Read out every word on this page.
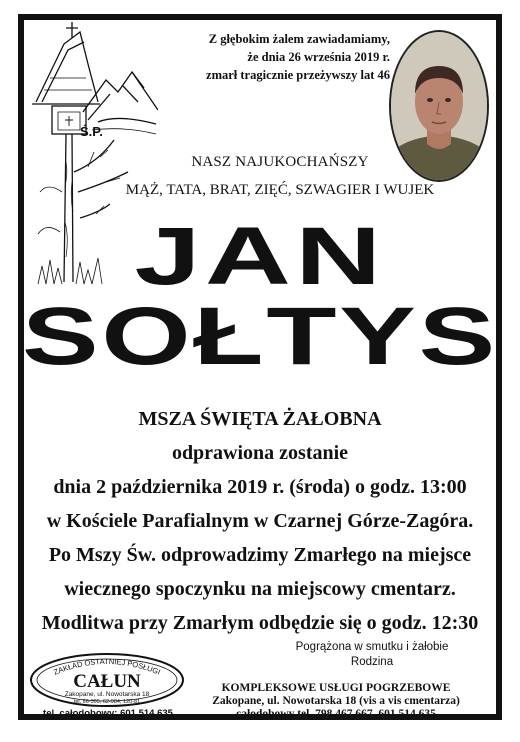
Ś.P.
Z głębokim żalem zawiadamiamy,
że dnia 26 września 2019 r.
zmarł tragicznie przeżywszy lat 46
NASZ NAJUKOCHAŃSZY
MĄŻ, TATA, BRAT, ZIĘĆ, SZWAGIER I WUJEK
JAN
SOŁTYS
MSZA ŚWIĘTA ŻAŁOBNA
odprawiona zostanie
dnia 2 października 2019 r. (środa) o godz. 13:00
w Kościele Parafialnym w Czarnej Górze-Zagóra.
Po Mszy Św. odprowadzimy Zmarłego na miejsce
wiecznego spoczynku na miejscowy cmentarz.
Modlitwa przy Zmarłym odbędzie się o godz. 12:30
Pogrążona w smutku i żałobie
Rodzina
ZAKŁAD OSTATNIEJ POSŁUGI
CAŁUN
Zakopane, ul. Nowotarska 18
tel. 66-305, 62-984, 120-81
tel. całodobowy: 601 514 635
KOMPLEKSOWE USŁUGI POGRZEBOWE
Zakopane, ul. Nowotarska 18 (vis a vis cmentarza)
całodobowy tel. 798 467 667, 601 514 635
